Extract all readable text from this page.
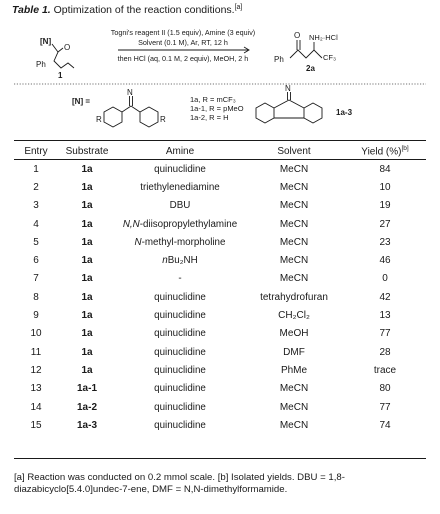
Table 1. Optimization of the reaction conditions.[a]
[N]
O
Ph
1
Togni's reagent II (1.5 equiv), Amine (3 equiv)
Solvent (0.1 M), Ar, RT, 12 h
then HCl (aq, 0.1 M, 2 equiv), MeOH, 2 h
O NH₂·HCl
Ph	CF₃
2a
[N] =
N
R	R
1a, R = mCF₃
1a-1, R = pMeO
1a-2, R = H
N
1a-3
Entry	Substrate	Amine	Solvent	Yield (%)[b]
1	1a	quinuclidine	MeCN	84
2	1a	triethylenediamine	MeCN	10
3	1a	DBU	MeCN	19
4	1a	N,N-diisopropylethylamine	MeCN	27
5	1a	N-methyl-morpholine	MeCN	23
6	1a	nBu₂NH	MeCN	46
7	1a	-	MeCN	0
8	1a	quinuclidine	tetrahydrofuran	42
9	1a	quinuclidine	CH₂Cl₂	13
10	1a	quinuclidine	MeOH	77
11	1a	quinuclidine	DMF	28
12	1a	quinuclidine	PhMe	trace
13	1a-1	quinuclidine	MeCN	80
14	1a-2	quinuclidine	MeCN	77
15	1a-3	quinuclidine	MeCN	74
[a] Reaction was conducted on 0.2 mmol scale. [b] Isolated yields. DBU = 1,8-diazabicyclo[5.4.0]undec-7-ene, DMF = N,N-dimethylformamide.
